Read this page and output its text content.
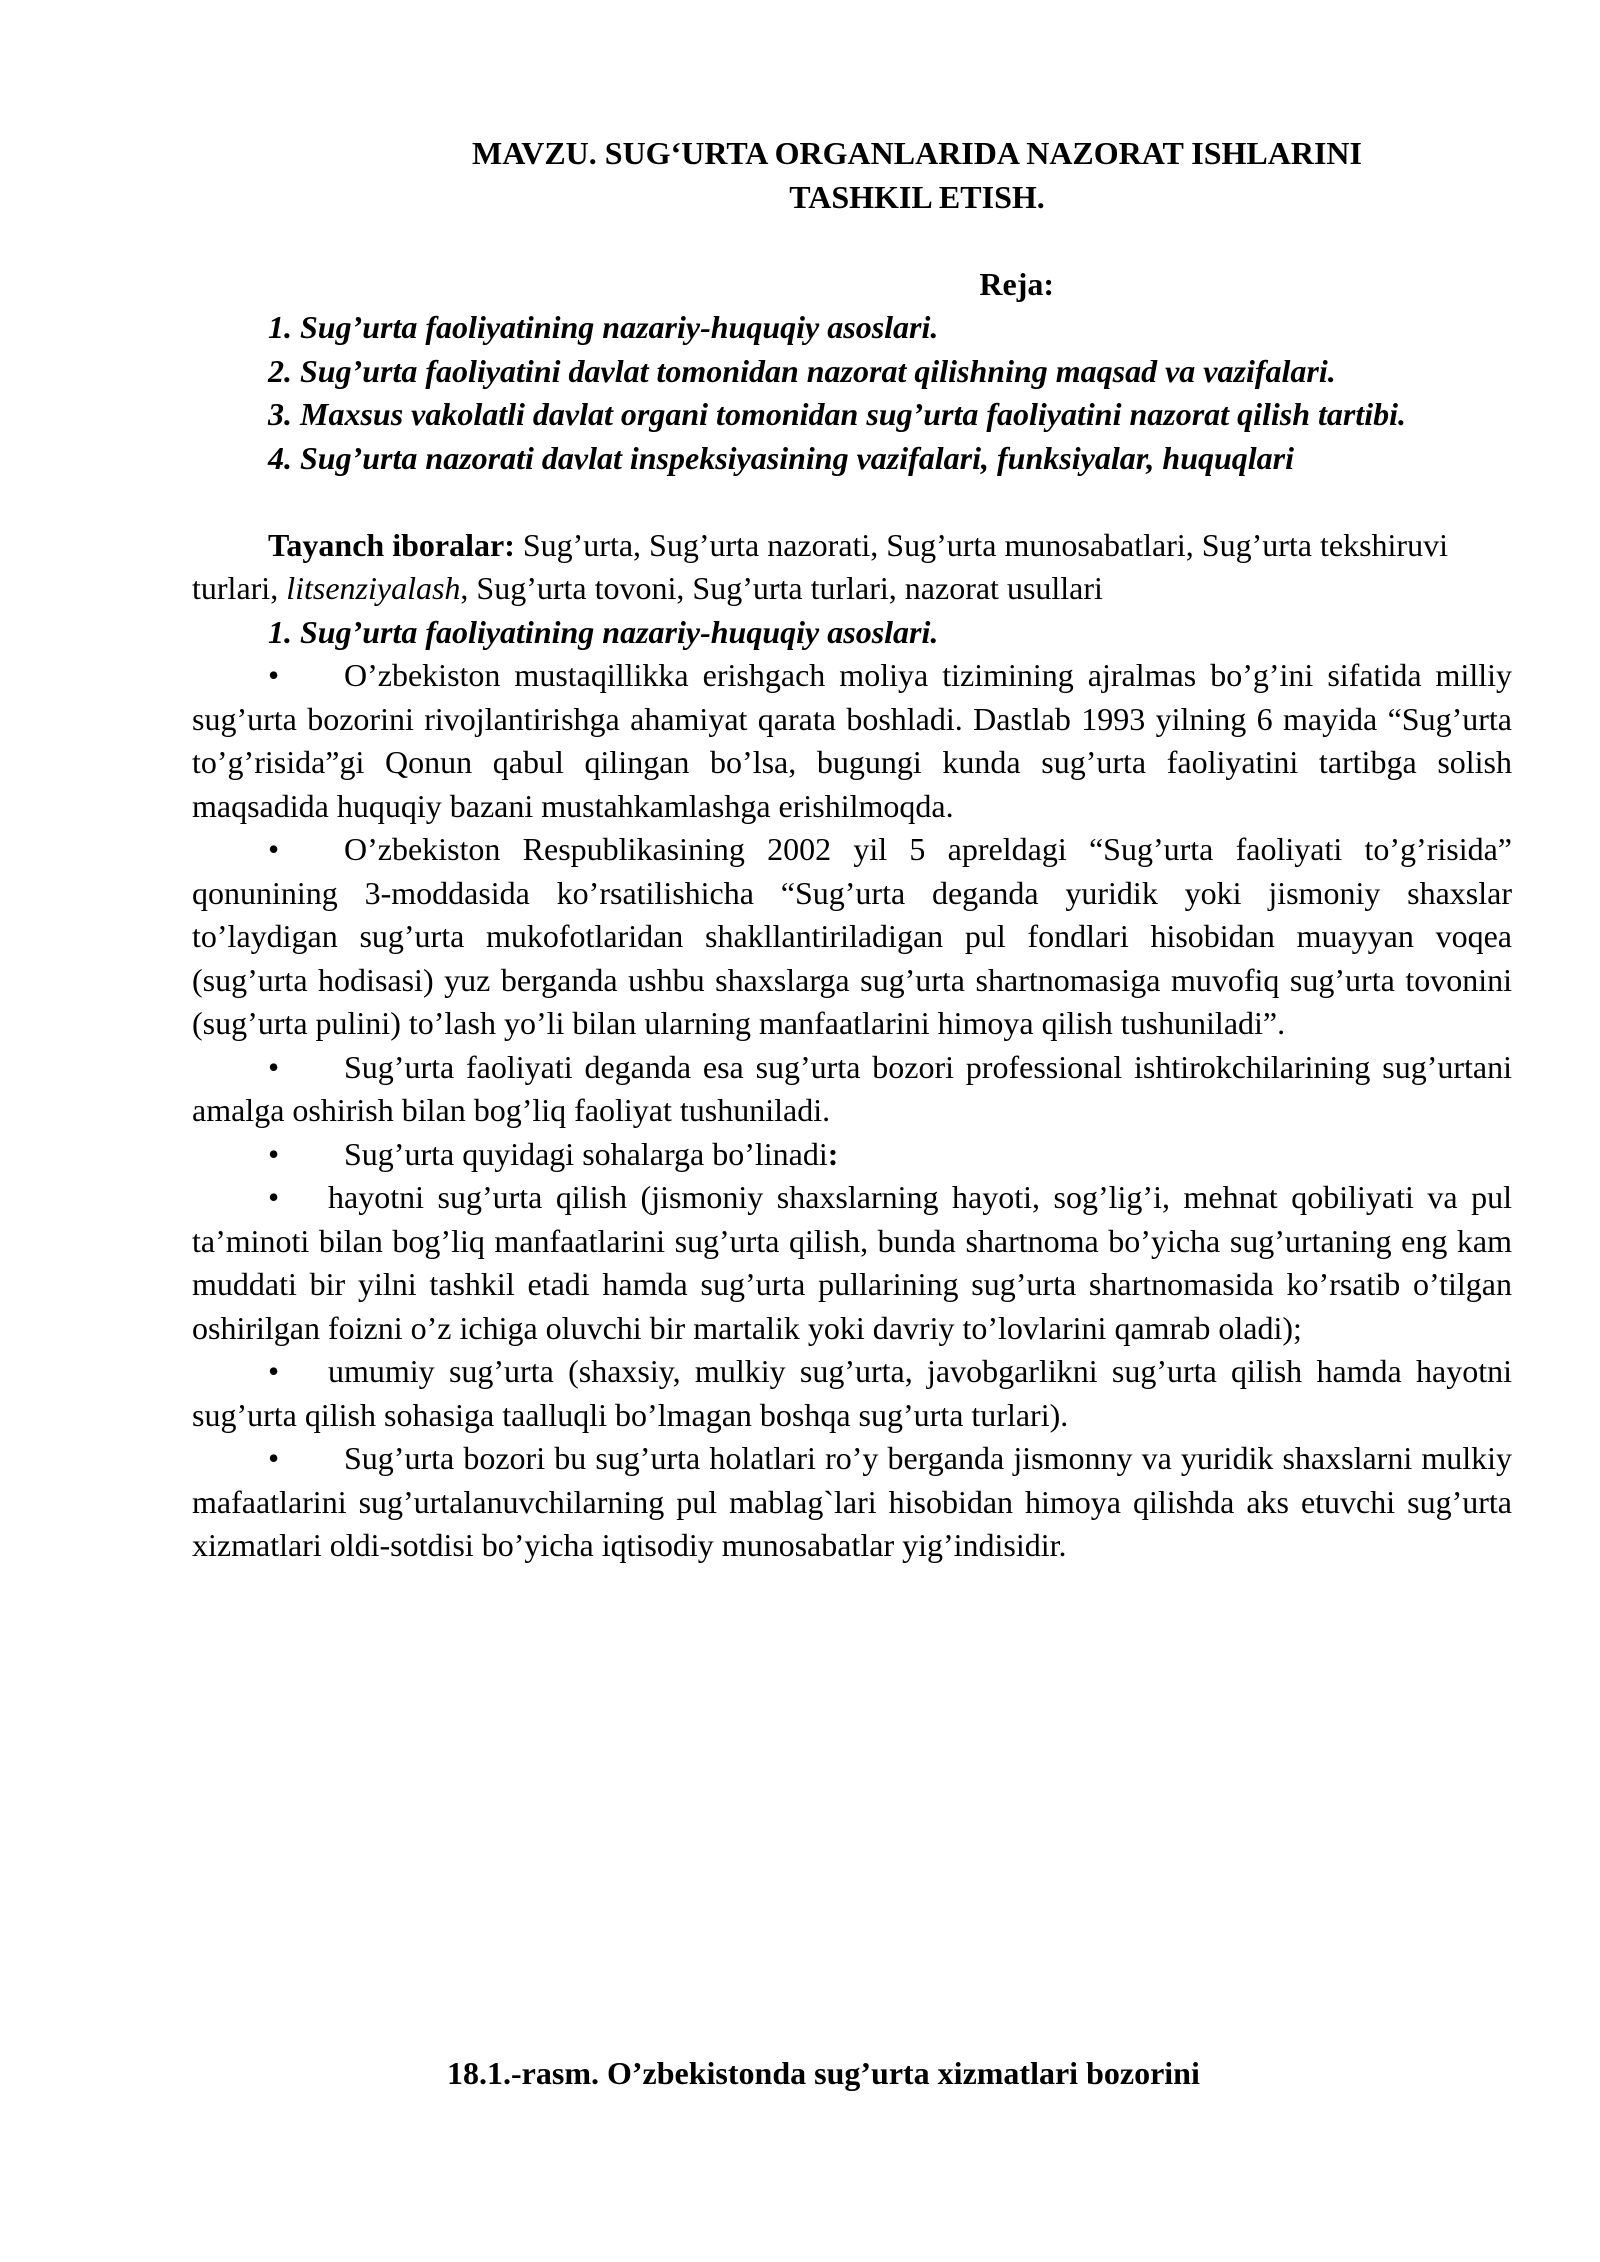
MAVZU. SUG‘URTA ORGANLARIDA NAZORAT ISHLARINI
TASHKIL ETISH.

Reja:

1. Sug’urta faoliyatining nazariy-huquqiy asoslari.

2. Sug’urta faoliyatini davlat tomonidan nazorat qilishning maqsad va vazifalari.

3. Maxsus vakolatli davlat organi tomonidan sug’urta faoliyatini nazorat qilish tartibi.

4. Sug’urta nazorati davlat inspeksiyasining vazifalari, funksiyalar, huquqlari

Tayanch iboralar: Sug’urta, Sug’urta nazorati, Sug’urta munosabatlari, Sug’urta tekshiruvi turlari, litsenziyalash, Sug’urta tovoni, Sug’urta turlari, nazorat usullari

1. Sug’urta faoliyatining nazariy-huquqiy asoslari.

• O’zbekiston mustaqillikka erishgach moliya tizimining ajralmas bo’g’ini sifatida milliy sug’urta bozorini rivojlantirishga ahamiyat qarata boshladi. Dastlab 1993 yilning 6 mayida “Sug’urta to’g’risida”gi Qonun qabul qilingan bo’lsa, bugungi kunda sug’urta faoliyatini tartibga solish maqsadida huquqiy bazani mustahkamlashga erishilmoqda.

• O’zbekiston Respublikasining 2002 yil 5 apreldagi “Sug’urta faoliyati to’g’risida” qonunining 3-moddasida ko’rsatilishicha “Sug’urta deganda yuridik yoki jismoniy shaxslar to’laydigan sug’urta mukofotlaridan shakllantiriladigan pul fondlari hisobidan muayyan voqea (sug’urta hodisasi) yuz berganda ushbu shaxslarga sug’urta shartnomasiga muvofiq sug’urta tovonini (sug’urta pulini) to’lash yo’li bilan ularning manfaatlarini himoya qilish tushuniladi”.

• Sug’urta faoliyati deganda esa sug’urta bozori professional ishtirokchilarining sug’urtani amalga oshirish bilan bog’liq faoliyat tushuniladi.

• Sug’urta quyidagi sohalarga bo’linadi:

• hayotni sug’urta qilish (jismoniy shaxslarning hayoti, sog’lig’i, mehnat qobiliyati va pul ta’minoti bilan bog’liq manfaatlarini sug’urta qilish, bunda shartnoma bo’yicha sug’urtaning eng kam muddati bir yilni tashkil etadi hamda sug’urta pullarining sug’urta shartnomasida ko’rsatib o’tilgan oshirilgan foizni o’z ichiga oluvchi bir martalik yoki davriy to’lovlarini qamrab oladi);

• umumiy sug’urta (shaxsiy, mulkiy sug’urta, javobgarlikni sug’urta qilish hamda hayotni sug’urta qilish sohasiga taalluqli bo’lmagan boshqa sug’urta turlari).

• Sug’urta bozori bu sug’urta holatlari ro’y berganda jismonny va yuridik shaxslarni mulkiy mafaatlarini sug’urtalanuvchilarning pul mablag`lari hisobidan himoya qilishda aks etuvchi sug’urta xizmatlari oldi-sotdisi bo’yicha iqtisodiy munosabatlar yig’indisidir.

18.1.-rasm. O’zbekistonda sug’urta xizmatlari bozorini
